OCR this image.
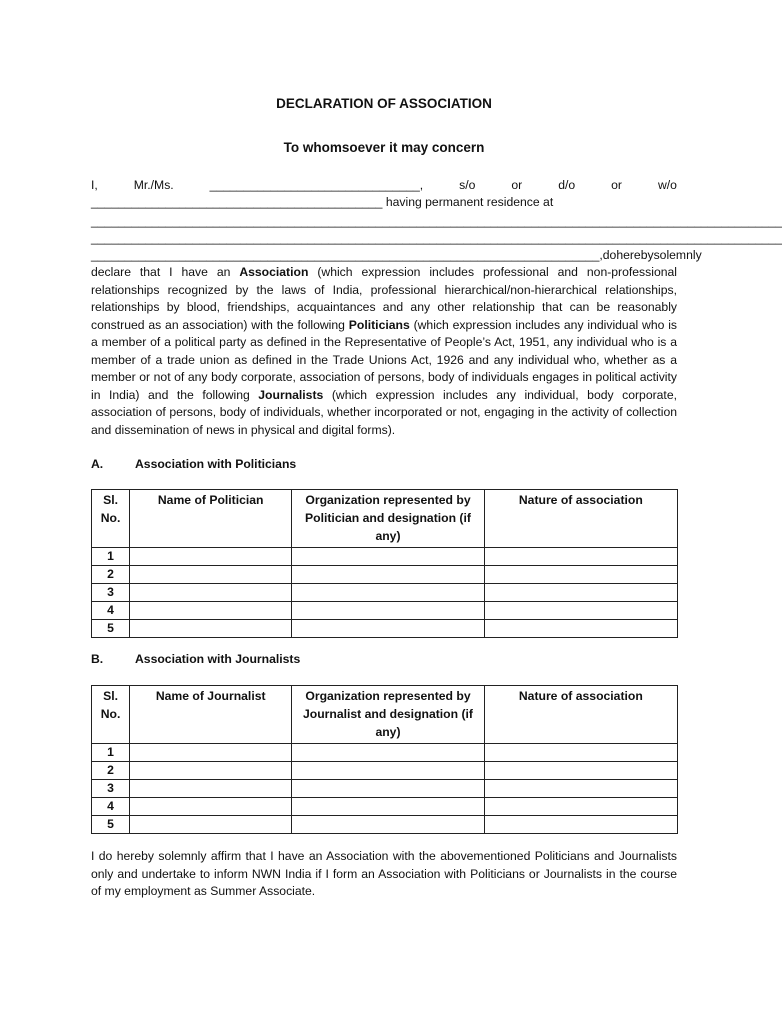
DECLARATION OF ASSOCIATION
To whomsoever it may concern
I,	Mr./Ms.	_______________________________,	s/o	or	d/o	or	w/o
___________________________________________ having permanent residence at
______________________________________________________________________________________________________
______________________________________________________________________________________________________
___________________________________________________________________________, do hereby solemnly
declare that I have an Association (which expression includes professional and non-professional relationships recognized by the laws of India, professional hierarchical/non-hierarchical relationships, relationships by blood, friendships, acquaintances and any other relationship that can be reasonably construed as an association) with the following Politicians (which expression includes any individual who is a member of a political party as defined in the Representative of People’s Act, 1951, any individual who is a member of a trade union as defined in the Trade Unions Act, 1926 and any individual who, whether as a member or not of any body corporate, association of persons, body of individuals engages in political activity in India) and the following Journalists (which expression includes any individual, body corporate, association of persons, body of individuals, whether incorporated or not, engaging in the activity of collection and dissemination of news in physical and digital forms).
A.	Association with Politicians
Sl. No.	Name of Politician	Organization represented by Politician and designation (if any)	Nature of association
1			
2			
3			
4			
5			
B.	Association with Journalists
Sl. No.	Name of Journalist	Organization represented by Journalist and designation (if any)	Nature of association
1			
2			
3			
4			
5			
I do hereby solemnly affirm that I have an Association with the abovementioned Politicians and Journalists only and undertake to inform NWN India if I form an Association with Politicians or Journalists in the course of my employment as Summer Associate.
